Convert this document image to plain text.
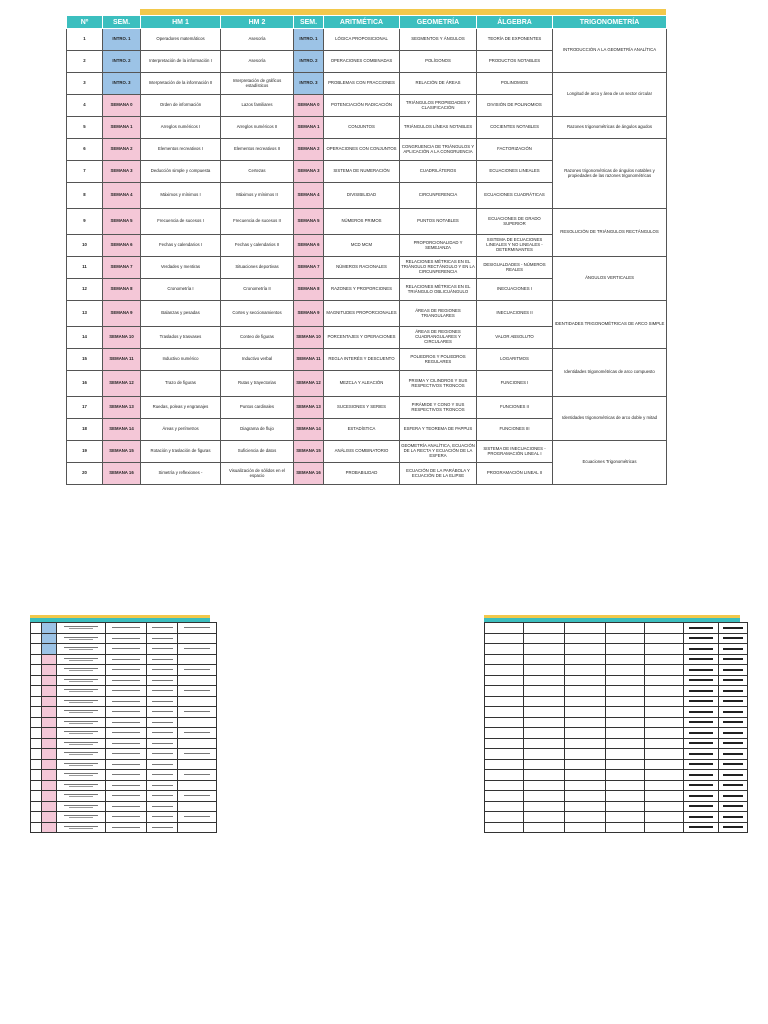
Nº	SEM.	HM 1	HM 2	SEM.	ARITMÉTICA	GEOMETRÍA	ÁLGEBRA	TRIGONOMETRÍA
1	INTRO. 1	Operadores matemáticos	Asesoría	INTRO. 1	LÓGICA PROPOSICIONAL	SEGMENTOS Y ÁNGULOS	TEORÍA DE EXPONENTES	INTRODUCCIÓN A LA GEOMETRÍA ANALÍTICA
2	INTRO. 2	Interpretación de la información I	Asesoría	INTRO. 2	OPERACIONES COMBINADAS	POLÍGONOS	PRODUCTOS NOTABLES	
3	INTRO. 3	Interpretación de la información II	Interpretación de gráficos estadísticos	INTRO. 3	PROBLEMAS CON FRACCIONES	RELACIÓN DE ÁREAS	POLINOMIOS	Longitud de arco y área de un sector circular
4	SEMANA 0	Orden de información	Lazos familiares	SEMANA 0	POTENCIACIÓN RADICACIÓN	TRIÁNGULOS PROPIEDADES Y CLASIFICACIÓN	DIVISIÓN DE POLINOMIOS	
5	SEMANA 1	Arreglos numéricos I	Arreglos numéricos II	SEMANA 1	CONJUNTOS	TRIÁNGULOS LÍNEAS NOTABLES	COCIENTES NOTABLES	Razones trigonométricas de ángulos agudos
6	SEMANA 2	Elementos recreativos I	Elementos recreativos II	SEMANA 2	OPERACIONES CON CONJUNTOS	CONGRUENCIA DE TRIÁNGULOS Y APLICACIÓN A LA CONGRUENCIA	FACTORIZACIÓN	Razones trigonométricas de ángulos notables y propiedades de las razones trigonométricas
7	SEMANA 3	Deducción simple y compuesta	Certezas	SEMANA 3	SISTEMA DE NUMERACIÓN	CUADRILÁTEROS	ECUACIONES LINEALES	
8	SEMANA 4	Máximos y mínimos I	Máximos y mínimos II	SEMANA 4	DIVISIBILIDAD	CIRCUNFERENCIA	ECUACIONES CUADRÁTICAS	
9	SEMANA 5	Frecuencia de sucesos I	Frecuencia de sucesos II	SEMANA 5	NÚMEROS PRIMOS	PUNTOS NOTABLES	ECUACIONES DE GRADO SUPERIOR	RESOLUCIÓN DE TRIÁNGULOS RECTÁNGULOS
10	SEMANA 6	Fechas y calendarios I	Fechas y calendarios II	SEMANA 6	MCD MCM	PROPORCIONALIDAD Y SEMEJANZA	SISTEMA DE ECUACIONES LINEALES Y NO LINEALES - DETERMINANTES	
11	SEMANA 7	Verdades y mentiras	Situaciones deportivas	SEMANA 7	NÚMEROS RACIONALES	RELACIONES MÉTRICAS EN EL TRIÁNGULO RECTÁNGULO Y EN LA CIRCUNFERENCIA	DESIGUALDADES - NÚMEROS REALES	ÁNGULOS VERTICALES
12	SEMANA 8	Cronometría I	Cronometría II	SEMANA 8	RAZONES Y PROPORCIONES	RELACIONES MÉTRICAS EN EL TRIÁNGULO OBLICUÁNGULO	INECUACIONES I	
13	SEMANA 9	Balanzas y pesadas	Cortes y seccionamientos	SEMANA 9	MAGNITUDES PROPORCIONALES	ÁREAS DE REGIONES TRIANGULARES	INECUACIONES II	IDENTIDADES TRIGONOMÉTRICAS DE ARCO SIMPLE
14	SEMANA 10	Traslados y trasvases	Conteo de figuras	SEMANA 10	PORCENTAJES Y OPERACIONES	ÁREAS DE REGIONES CUADRANGULARES Y CIRCULARES	VALOR ABSOLUTO	
15	SEMANA 11	Inductivo numérico	Inductivo verbal	SEMANA 11	REGLA INTERÉS Y DESCUENTO	POLIEDROS Y POLIEDROS REGULARES	LOGARITMOS	Identidades trigonométricas de arco compuesto
16	SEMANA 12	Trazo de figuras	Rutas y trayectorias	SEMANA 12	MEZCLA Y ALEACIÓN	PRISMA Y CILINDROS Y SUS RESPECTIVOS TRONCOS	FUNCIONES I	
17	SEMANA 13	Ruedas, poleas y engranajes	Puntos cardinales	SEMANA 13	SUCESIONES Y SERIES	PIRÁMIDE Y CONO Y SUS RESPECTIVOS TRONCOS	FUNCIONES II	Identidades trigonométricas de arco doble y mitad
18	SEMANA 14	Áreas y perímetros	Diagrama de flujo	SEMANA 14	ESTADÍSTICA	ESFERA Y TEOREMA DE PAPPUS	FUNCIONES III	
19	SEMANA 15	Rotación y traslación de figuras	Suficiencia de datos	SEMANA 15	ANÁLISIS COMBINATORIO	GEOMETRÍA ANALÍTICA, ECUACIÓN DE LA RECTA Y ECUACIÓN DE LA ESFERA	SISTEMA DE INECUACIONES - PROGRAMACIÓN LINEAL I	Ecuaciones Trigonométricas
20	SEMANA 16	Simetría y reflexiones -	Visualización de sólidos en el espacio	SEMANA 16	PROBABILIDAD	ECUACIÓN DE LA PARÁBOLA Y ECUACIÓN DE LA ELIPSE	PROGRAMACIÓN LINEAL II	
